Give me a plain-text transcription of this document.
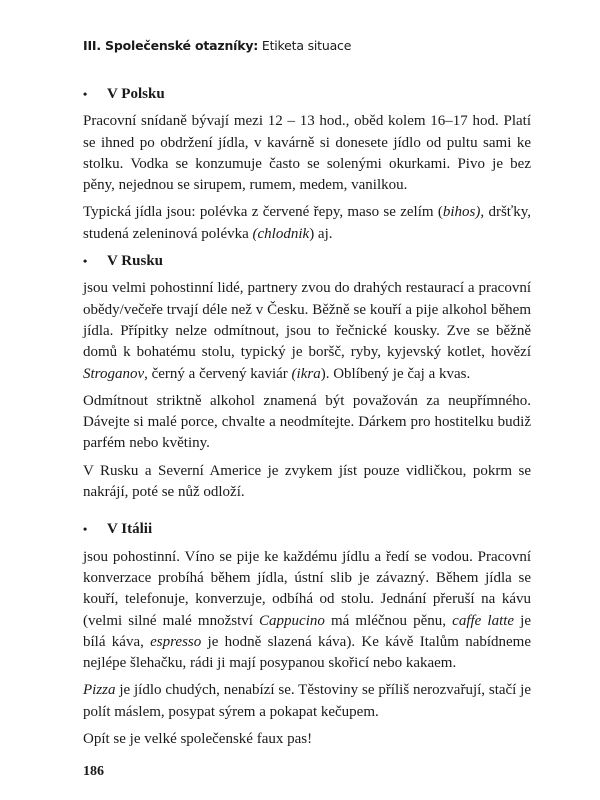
III. Společenské otazníky: Etiketa situace
•	V Polsku

Pracovní snídaně bývají mezi 12 – 13 hod., oběd kolem 16–17 hod. Platí se ihned po obdržení jídla, v kavárně si donesete jídlo od pultu sami ke stolku. Vodka se konzumuje často se solenými okurkami. Pivo je bez pěny, nejednou se sirupem, rumem, medem, vanilkou.

Typická jídla jsou: polévka z červené řepy, maso se zelím (bihos), dršťky, studená zeleninová polévka (chlodnik) aj.

•	V Rusku

jsou velmi pohostinní lidé, partnery zvou do drahých restaurací a pracovní obědy/večeře trvají déle než v Česku. Běžně se kouří a pije alkohol během jídla. Přípitky nelze odmítnout, jsou to řečnické kousky. Zve se běžně domů k bohatému stolu, typický je boršč, ryby, kyjevský kotlet, hovězí Stroganov, černý a červený kaviár (ikra). Oblíbený je čaj a kvas.

Odmítnout striktně alkohol znamená být považován za neupřímného. Dávejte si malé porce, chvalte a neodmítejte. Dárkem pro hostitelku budiž parfém nebo květiny.

V Rusku a Severní Americe je zvykem jíst pouze vidličkou, pokrm se nakrájí, poté se nůž odloží.

•	V Itálii

jsou pohostinní. Víno se pije ke každému jídlu a ředí se vodou. Pracovní konverzace probíhá během jídla, ústní slib je závazný. Během jídla se kouří, telefonuje, konverzuje, odbíhá od stolu. Jednání přeruší na kávu (velmi silné malé množství Cappucino má mléčnou pěnu, caffe latte je bílá káva, espresso je hodně slazená káva). Ke kávě Italům nabídneme nejlépe šlehačku, rádi ji mají posypanou skořicí nebo kakaem.

Pizza je jídlo chudých, nenabízí se. Těstoviny se příliš nerozvařují, stačí je polít máslem, posypat sýrem a pokapat kečupem.

Opít se je velké společenské faux pas!

186
